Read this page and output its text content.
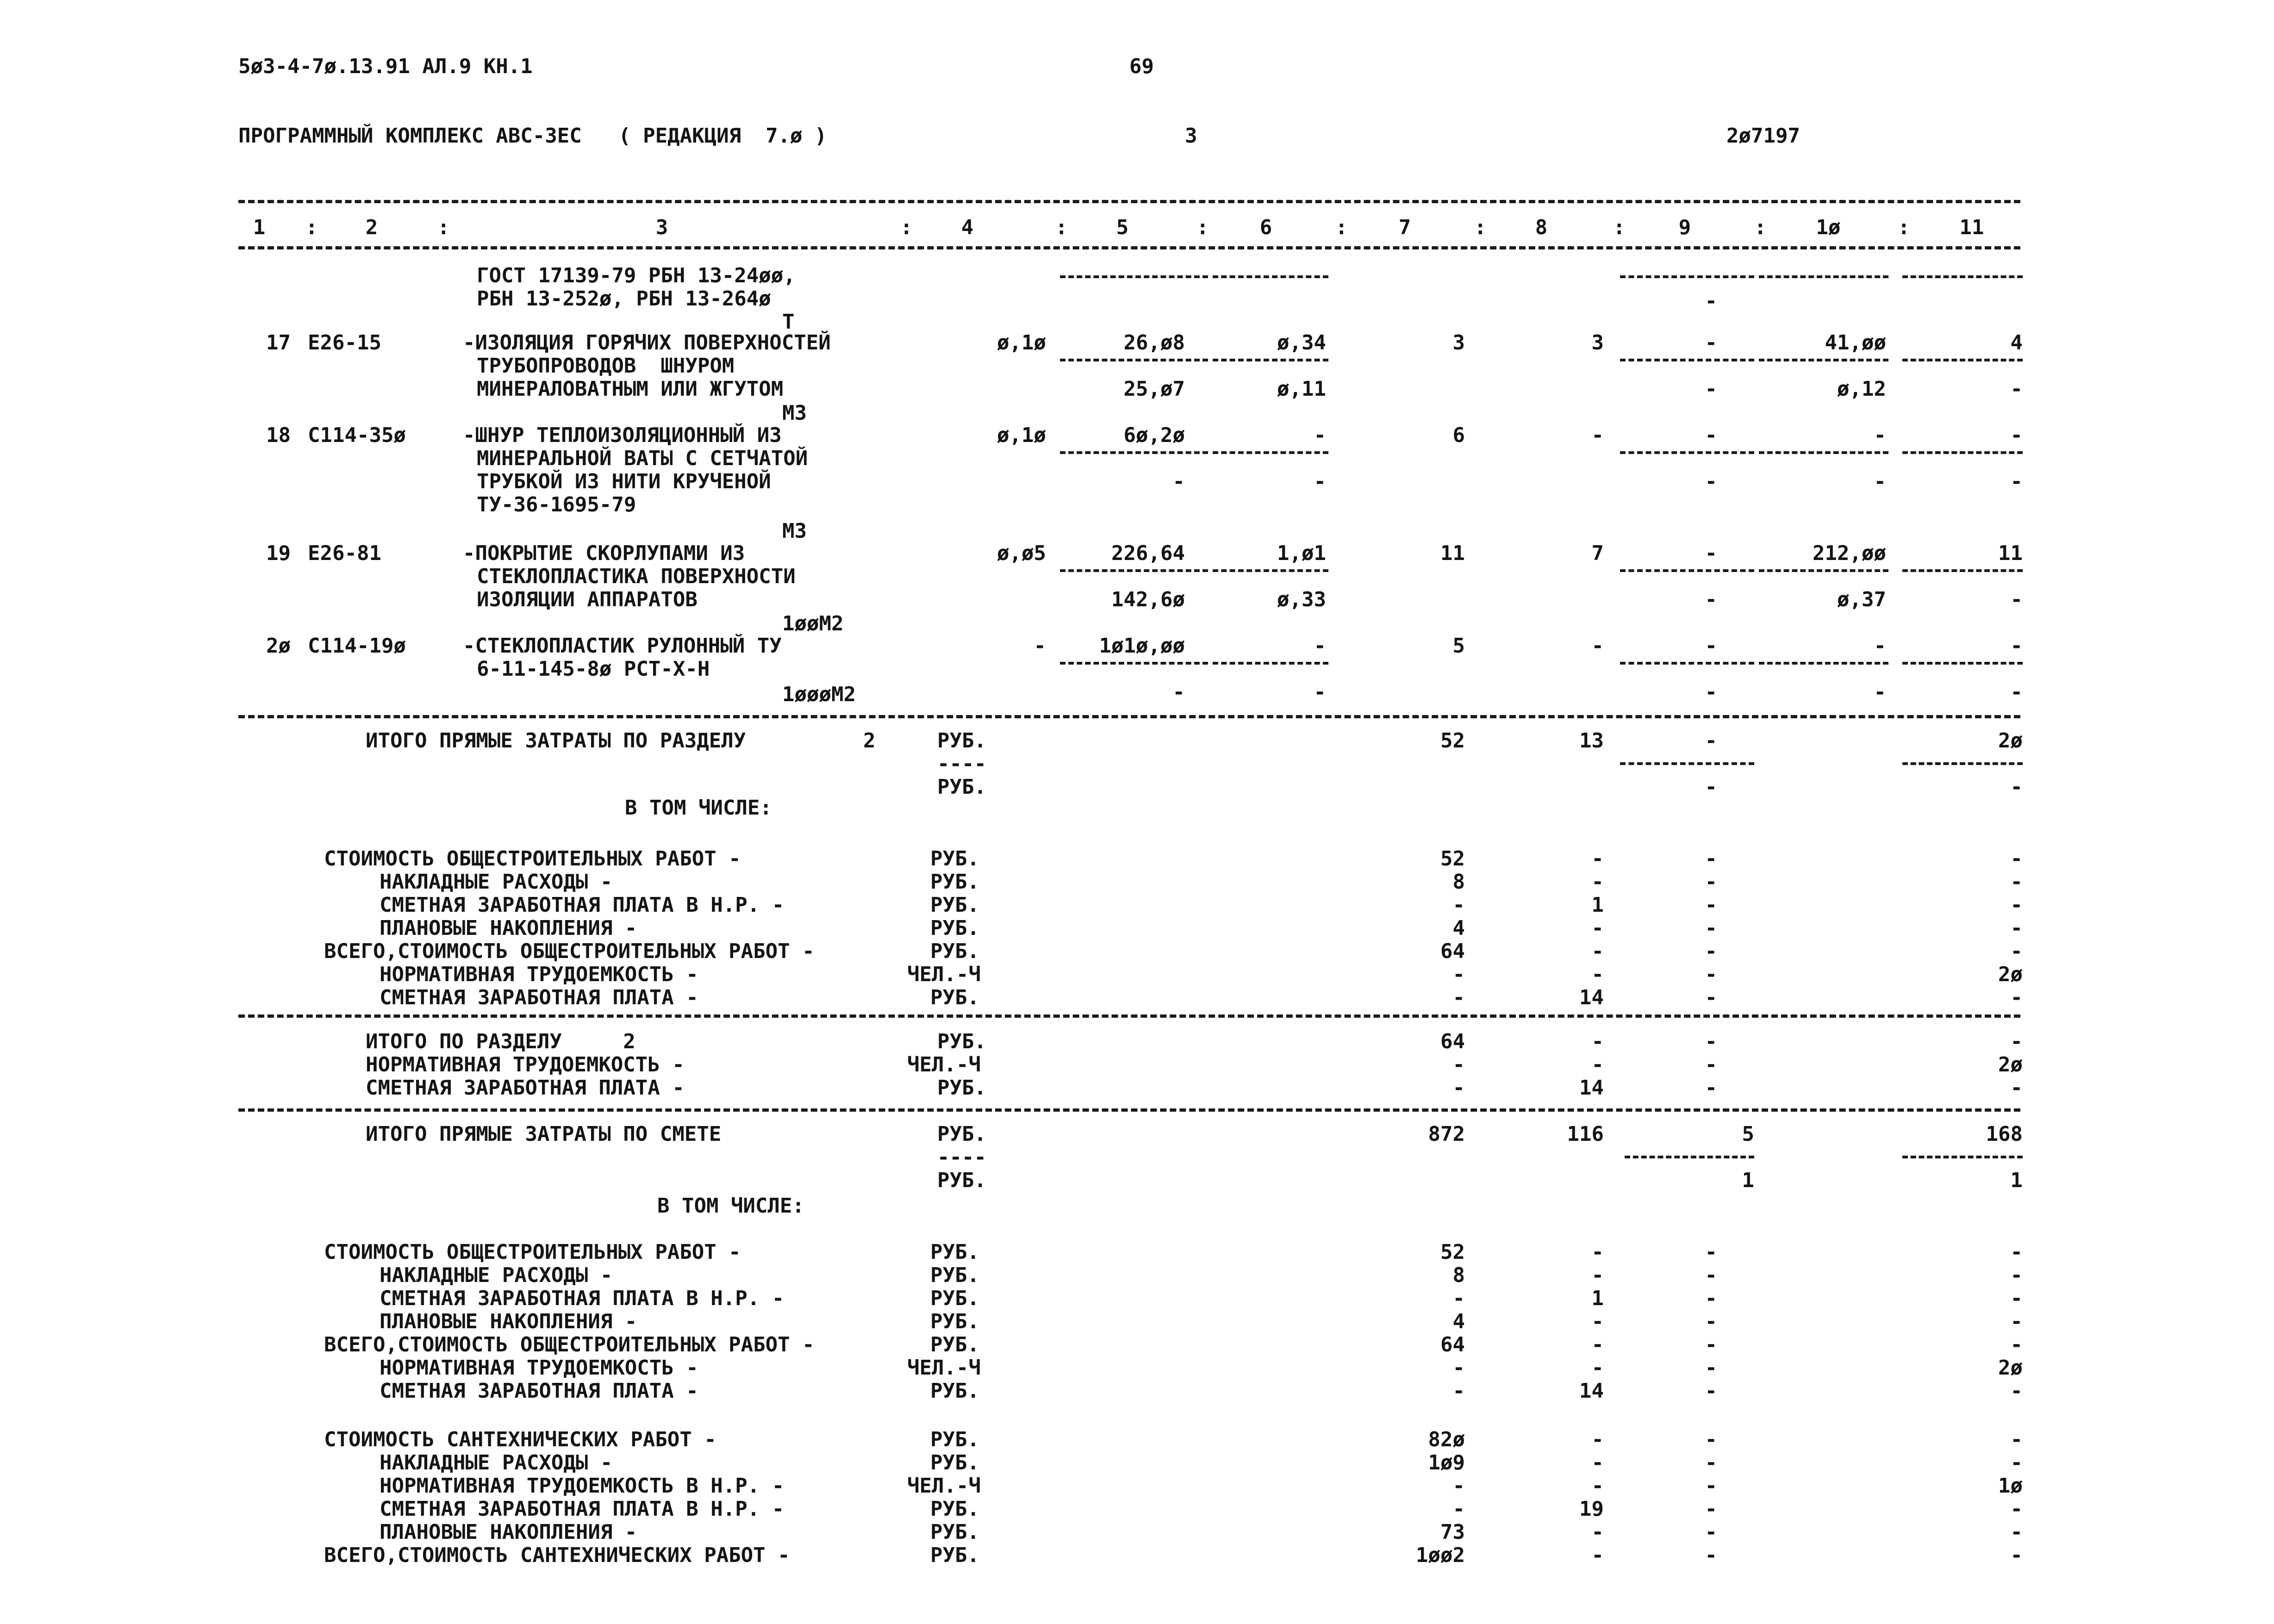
5ø3-4-7ø.13.91 АЛ.9 КН.1	69
ПРОГРАММНЫЙ КОМПЛЕКС АВС-3ЕС   ( РЕДАКЦИЯ  7.ø )	3	2ø7197
1	2	3	4	5	6	7	8	9	1ø	11
:	:	:	:	:	:	:	:	:	:
ГОСТ 17139-79 РБН 13-24øø,
РБН 13-252ø, РБН 13-264ø	-
Т
17 Е26-15	-ИЗОЛЯЦИЯ ГОРЯЧИХ ПОВЕРХНОСТЕЙ
ТРУБОПРОВОДОВ  ШНУРОМ
МИНЕРАЛОВАТНЫМ ИЛИ ЖГУТОМ
ø,1ø	26,ø8	ø,34	3	3	-	41,øø	4
25,ø7	ø,11	-	ø,12	-
М3
18 С114-35ø	-ШНУР ТЕПЛОИЗОЛЯЦИОННЫЙ ИЗ
МИНЕРАЛЬНОЙ ВАТЫ С СЕТЧАТОЙ
ТРУБКОЙ ИЗ НИТИ КРУЧЕНОЙ
ТУ-36-1695-79
ø,1ø	6ø,2ø	-	6	-	-	-	-
-	-	-	-	-
М3
19 Е26-81	-ПОКРЫТИЕ СКОРЛУПАМИ ИЗ
СТЕКЛОПЛАСТИКА ПОВЕРХНОСТИ
ИЗОЛЯЦИИ АППАРАТОВ
ø,ø5	226,64	1,ø1	11	7	-	212,øø	11
142,6ø	ø,33	-	ø,37	-
1øøМ2
2ø С114-19ø	-СТЕКЛОПЛАСТИК РУЛОННЫЙ ТУ
6-11-145-8ø РСТ-Х-Н
-	1ø1ø,øø	-	5	-	-	-	-
-	-	-	-	-
1øøøМ2
ИТОГО ПРЯМЫЕ ЗАТРАТЫ ПО РАЗДЕЛУ	2	РУБ.	52	13	-	2ø
----
РУБ.	-	-
В ТОМ ЧИСЛЕ:
СТОИМОСТЬ ОБЩЕСТРОИТЕЛЬНЫХ РАБОТ -	РУБ.	52	-	-	-
НАКЛАДНЫЕ РАСХОДЫ -	РУБ.	8	-	-	-
СМЕТНАЯ ЗАРАБОТНАЯ ПЛАТА В Н.Р. -	РУБ.	-	1	-	-
ПЛАНОВЫЕ НАКОПЛЕНИЯ -	РУБ.	4	-	-	-
ВСЕГО,СТОИМОСТЬ ОБЩЕСТРОИТЕЛЬНЫХ РАБОТ -	РУБ.	64	-	-	-
НОРМАТИВНАЯ ТРУДОЕМКОСТЬ -	ЧЕЛ.-Ч	-	-	-	2ø
СМЕТНАЯ ЗАРАБОТНАЯ ПЛАТА -	РУБ.	-	14	-	-
ИТОГО ПО РАЗДЕЛУ     2	РУБ.	64	-	-	-
НОРМАТИВНАЯ ТРУДОЕМКОСТЬ -	ЧЕЛ.-Ч	-	-	-	2ø
СМЕТНАЯ ЗАРАБОТНАЯ ПЛАТА -	РУБ.	-	14	-	-
ИТОГО ПРЯМЫЕ ЗАТРАТЫ ПО СМЕТЕ	РУБ.	872	116	5	168
----
РУБ.	1	1
В ТОМ ЧИСЛЕ:
СТОИМОСТЬ ОБЩЕСТРОИТЕЛЬНЫХ РАБОТ -	РУБ.	52	-	-	-
НАКЛАДНЫЕ РАСХОДЫ -	РУБ.	8	-	-	-
СМЕТНАЯ ЗАРАБОТНАЯ ПЛАТА В Н.Р. -	РУБ.	-	1	-	-
ПЛАНОВЫЕ НАКОПЛЕНИЯ -	РУБ.	4	-	-	-
ВСЕГО,СТОИМОСТЬ ОБЩЕСТРОИТЕЛЬНЫХ РАБОТ -	РУБ.	64	-	-	-
НОРМАТИВНАЯ ТРУДОЕМКОСТЬ -	ЧЕЛ.-Ч	-	-	-	2ø
СМЕТНАЯ ЗАРАБОТНАЯ ПЛАТА -	РУБ.	-	14	-	-
СТОИМОСТЬ САНТЕХНИЧЕСКИХ РАБОТ -	РУБ.	82ø	-	-	-
НАКЛАДНЫЕ РАСХОДЫ -	РУБ.	1ø9	-	-	-
НОРМАТИВНАЯ ТРУДОЕМКОСТЬ В Н.Р. -	ЧЕЛ.-Ч	-	-	-	1ø
СМЕТНАЯ ЗАРАБОТНАЯ ПЛАТА В Н.Р. -	РУБ.	-	19	-	-
ПЛАНОВЫЕ НАКОПЛЕНИЯ -	РУБ.	73	-	-	-
ВСЕГО,СТОИМОСТЬ САНТЕХНИЧЕСКИХ РАБОТ -	РУБ.	1øø2	-	-	-
